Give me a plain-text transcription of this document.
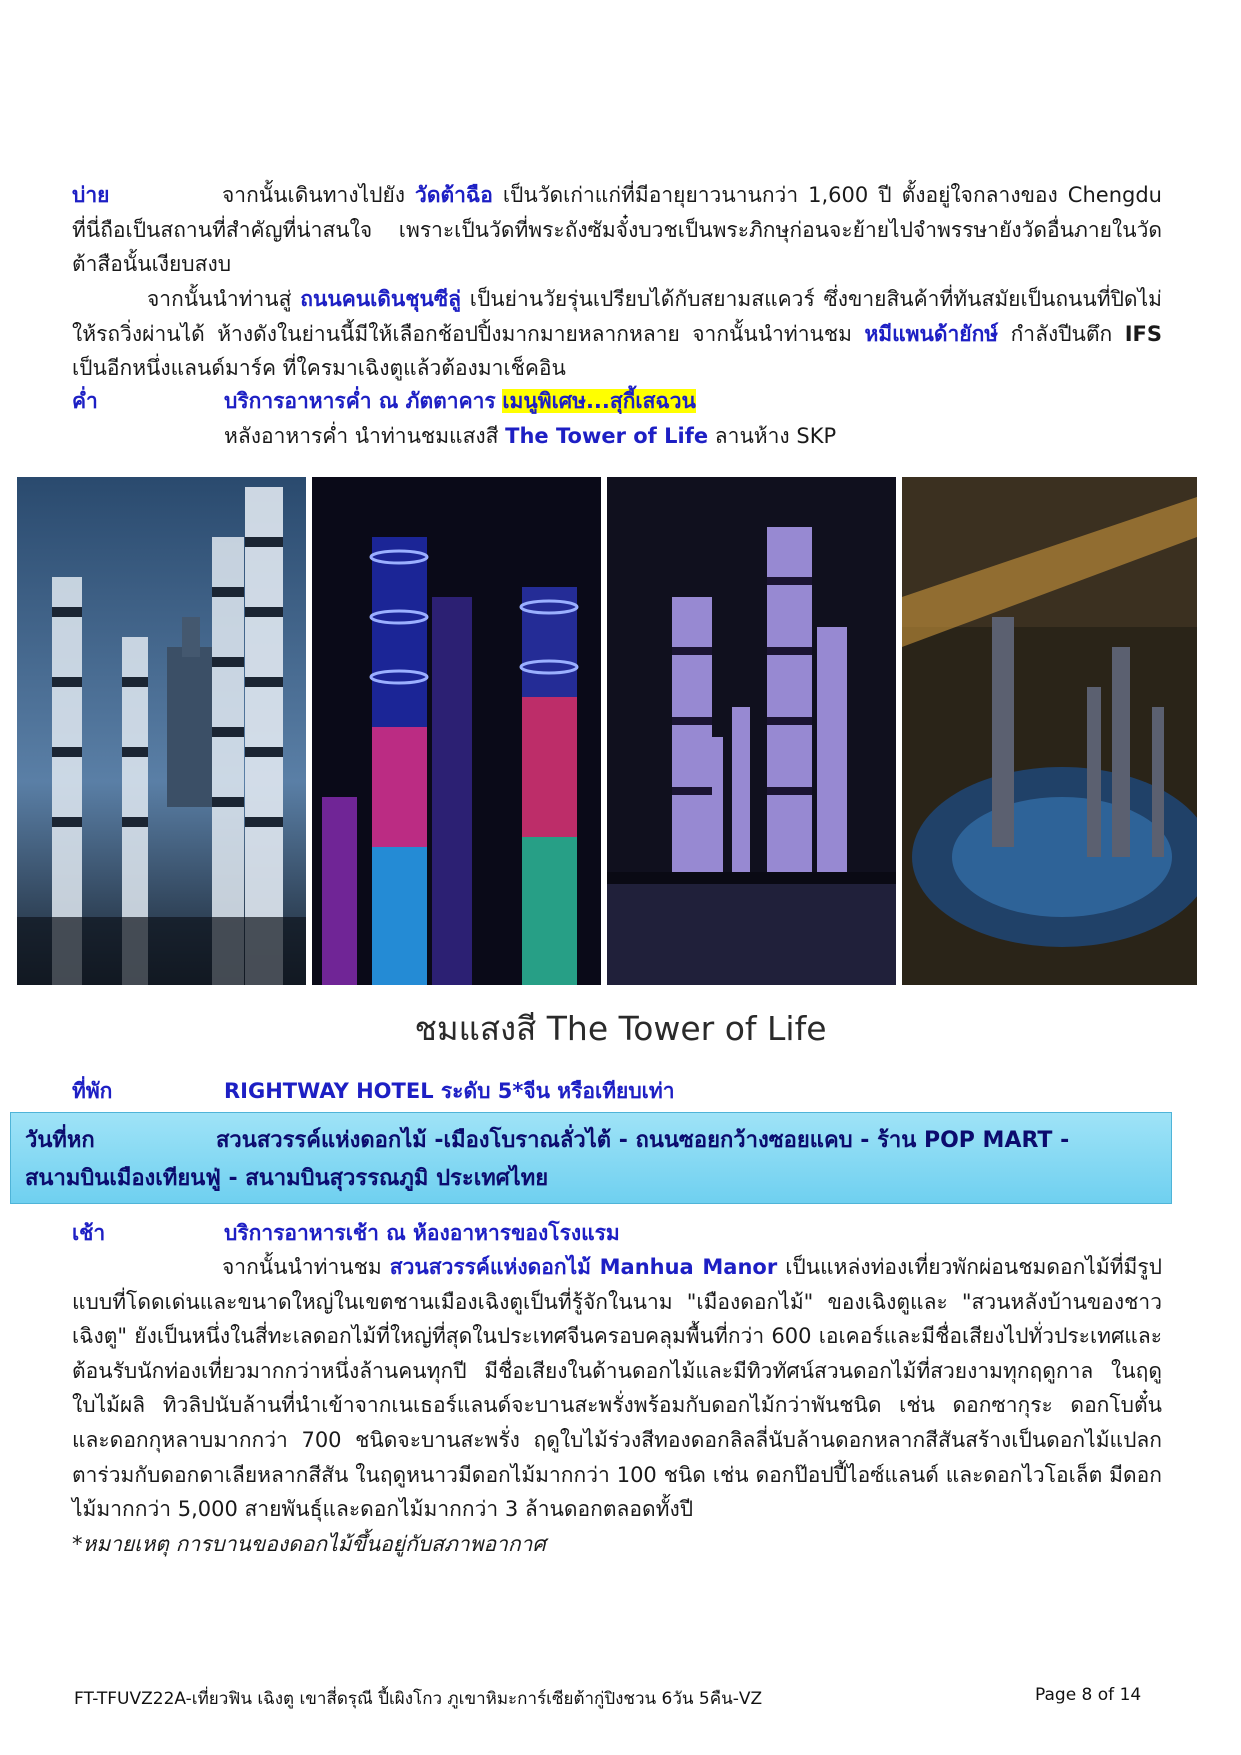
บ่าย	จากนั้นเดินทางไปยัง วัดต้าฉือ เป็นวัดเก่าแก่ที่มีอายุยาวนานกว่า 1,600 ปี ตั้งอยู่ใจกลางของ Chengdu ที่นี่ถือเป็นสถานที่สำคัญที่น่าสนใจ เพราะเป็นวัดที่พระถังซัมจั๋งบวชเป็นพระภิกษุก่อนจะย้ายไปจำพรรษายังวัดอื่นภายในวัดต้าสือนั้นเงียบสงบ
จากนั้นนำท่านสู่ ถนนคนเดินชุนซีลู่ เป็นย่านวัยรุ่นเปรียบได้กับสยามสแควร์ ซึ่งขายสินค้าที่ทันสมัยเป็นถนนที่ปิดไม่ให้รถวิ่งผ่านได้ ห้างดังในย่านนี้มีให้เลือกช้อปปิ้งมากมายหลากหลาย จากนั้นนำท่านชม หมีแพนด้ายักษ์ กำลังปีนตึก IFS เป็นอีกหนึ่งแลนด์มาร์ค ที่ใครมาเฉิงตูแล้วต้องมาเช็คอิน
ค่ำ	บริการอาหารค่ำ ณ ภัตตาคาร เมนูพิเศษ...สุกี้เสฉวน
หลังอาหารค่ำ นำท่านชมแสงสี The Tower of Life ลานห้าง SKP
ชมแสงสี The Tower of Life
ที่พัก	RIGHTWAY HOTEL ระดับ 5*จีน หรือเทียบเท่า
วันที่หก	สวนสวรรค์แห่งดอกไม้ -เมืองโบราณลั่วไต้ - ถนนซอยกว้างซอยแคบ - ร้าน POP MART -
สนามบินเมืองเทียนฟู่ - สนามบินสุวรรณภูมิ ประเทศไทย
เช้า	บริการอาหารเช้า ณ ห้องอาหารของโรงแรม
จากนั้นนำท่านชม สวนสวรรค์แห่งดอกไม้ Manhua Manor เป็นแหล่งท่องเที่ยวพักผ่อนชมดอกไม้ที่มีรูปแบบที่โดดเด่นและขนาดใหญ่ในเขตชานเมืองเฉิงตูเป็นที่รู้จักในนาม "เมืองดอกไม้" ของเฉิงตูและ "สวนหลังบ้านของชาวเฉิงตู" ยังเป็นหนึ่งในสี่ทะเลดอกไม้ที่ใหญ่ที่สุดในประเทศจีนครอบคลุมพื้นที่กว่า 600 เอเคอร์และมีชื่อเสียงไปทั่วประเทศและต้อนรับนักท่องเที่ยวมากกว่าหนึ่งล้านคนทุกปี มีชื่อเสียงในด้านดอกไม้และมีทิวทัศน์สวนดอกไม้ที่สวยงามทุกฤดูกาล ในฤดูใบไม้ผลิ ทิวลิปนับล้านที่นำเข้าจากเนเธอร์แลนด์จะบานสะพรั่งพร้อมกับดอกไม้กว่าพันชนิด เช่น ดอกซากุระ ดอกโบตั๋น และดอกกุหลาบมากกว่า 700 ชนิดจะบานสะพรั่ง ฤดูใบไม้ร่วงสีทองดอกลิลลี่นับล้านดอกหลากสีสันสร้างเป็นดอกไม้แปลกตาร่วมกับดอกดาเลียหลากสีสัน ในฤดูหนาวมีดอกไม้มากกว่า 100 ชนิด เช่น ดอกป๊อปปี้ไอซ์แลนด์ และดอกไวโอเล็ต มีดอกไม้มากกว่า 5,000 สายพันธุ์และดอกไม้มากกว่า 3 ล้านดอกตลอดทั้งปี
*หมายเหตุ การบานของดอกไม้ขึ้นอยู่กับสภาพอากาศ
FT-TFUVZ22A-เที่ยวฟิน เฉิงตู เขาสี่ดรุณี ปี้เผิงโกว ภูเขาหิมะการ์เซียต้ากู่ปิงชวน 6วัน 5คืน-VZ	Page 8 of 14
